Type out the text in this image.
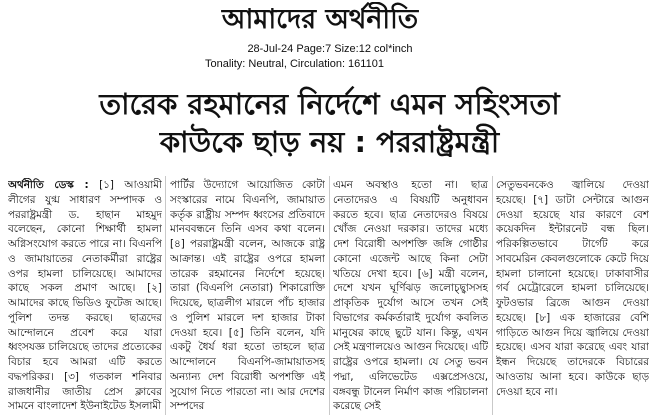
আমাদের অর্থনীতি
28-Jul-24 Page:7 Size:12 col*inch
Tonality: Neutral, Circulation: 161101
তারেক রহমানের নির্দেশে এমন সহিংসতা
কাউকে ছাড় নয় : পররাষ্ট্রমন্ত্রী
অর্থনীতি ডেস্ক : [১] আওয়ামী লীগের যুগ্ম সাধারণ সম্পাদক ও পররাষ্ট্রমন্ত্রী ড. হাছান মাহমুদ বলেছেন, কোনো শিক্ষার্থী হামলা অগ্নিসংযোগ করতে পারে না। বিএনপি ও জামায়াতের নেতাকর্মীরা রাষ্ট্রের ওপর হামলা চালিয়েছে। আমাদের কাছে সকল প্রমাণ আছে। [২] আমাদের কাছে ভিডিও ফুটেজ আছে। পুলিশ তদন্ত করছে। ছাত্রদের আন্দোলনে প্রবেশ করে যারা ধ্বংসযজ্ঞ চালিয়েছে তাদের প্রত্যেকের বিচার হবে আমরা এটি করতে বদ্ধপরিকর। [৩] গতকাল শনিবার রাজধানীর জাতীয় প্রেস ক্লাবের সামনে বাংলাদেশ ইউনাইটেড ইসলামী
পার্টির উদ্যোগে আয়োজিত কোটা সংস্কারের নামে বিএনপি, জামায়াত কর্তৃক রাষ্ট্রীয় সম্পদ ধ্বংসের প্রতিবাদে মানববন্ধনে তিনি এসব কথা বলেন। [৪] পররাষ্ট্রমন্ত্রী বলেন, আজকে রাষ্ট্র আক্রান্ত। এই রাষ্ট্রের ওপরে হামলা তারেক রহমানের নির্দেশে হয়েছে। তারা (বিএনপি নেতারা) শিকারোক্তি দিয়েছে, ছাত্রলীগ মারলে পাঁচ হাজার ও পুলিশ মারলে দশ হাজার টাকা দেওয়া হবে। [৫] তিনি বলেন, যদি একটু ধৈর্য ধরা হতো তাহলে ছাত্র আন্দোলনে বিএনপি-জামায়াতসহ অন্যান্য দেশ বিরোধী অপশক্তি এই সুযোগ নিতে পারতো না। আর দেশের সম্পদের
এমন অবস্থাও হতো না। ছাত্র নেতাদেরও এ বিষয়টি অনুধাবন করতে হবে। ছাত্র নেতাদেরও বিষয়ে খোঁজ নেওয়া দরকার। তাদের মধ্যে দেশ বিরোধী অপশক্তি জঙ্গি গোষ্ঠীর কোনো এজেন্ট আছে কিনা সেটা খতিয়ে দেখা হবে। [৬] মন্ত্রী বলেন, দেশে যখন ঘূর্ণিঝড় জলোচ্ছ্বাসসহ প্রাকৃতিক দুর্যোগ আসে তখন সেই বিভাগের কর্মকর্তারাই দুর্যোগ কবলিত মানুষের কাছে ছুটে যান। কিন্তু, এখন সেই মন্ত্রণালয়েও আগুন দিয়েছে। এটি রাষ্ট্রের ওপরে হামলা। যে সেতু ভবন পদ্মা, এলিভেটেড এক্সপ্রেসওয়ে, বঙ্গবন্ধু টানেল নির্মাণ কাজ পরিচালনা করেছে সেই
সেতুভবনকেও জ্বালিয়ে দেওয়া হয়েছে। [৭] ডাটা সেন্টারে আগুন দেওয়া হয়েছে যার কারণে বেশ কয়েকদিন ইন্টারনেট বন্ধ ছিল। পরিকল্পিতভাবে টার্গেট করে সাবমেরিন কেবলগুলোকে কেটে দিয়ে হামলা চালানো হয়েছে। ঢাকাবাসীর গর্ব মেট্রোরেলে হামলা চালিয়েছে। ফুটওভার ব্রিজে আগুন দেওয়া হয়েছে। [৮] এক হাজারের বেশি গাড়িতে আগুন দিয়ে জ্বালিয়ে দেওয়া হয়েছে। এসব যারা করেছে এবং যারা ইন্ধন দিয়েছে তাদেরকে বিচারের আওতায় আনা হবে। কাউকে ছাড় দেওয়া হবে না।
